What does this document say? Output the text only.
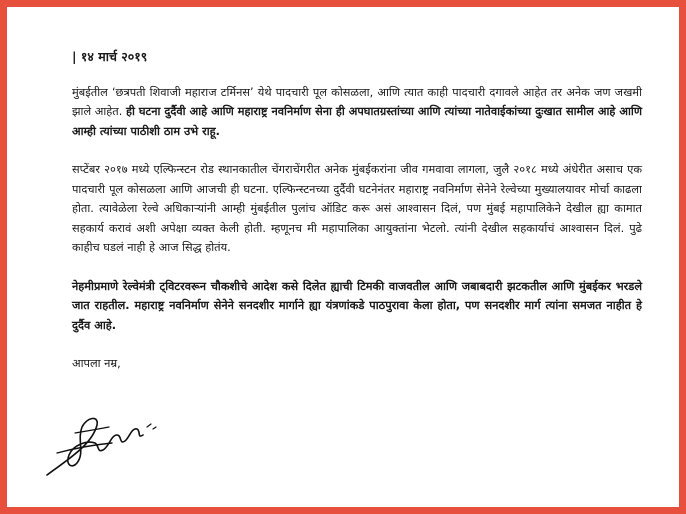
| १४ मार्च २०१९

मुंबईतील ‘छत्रपती शिवाजी महाराज टर्मिनस’ येथे पादचारी पूल कोसळला, आणि त्यात काही पादचारी दगावले आहेत तर अनेक जण जखमी झाले आहेत. ही घटना दुर्दैवी आहे आणि महाराष्ट्र नवनिर्माण सेना ही अपघातग्रस्तांच्या आणि त्यांच्या नातेवाईकांच्या दुःखात सामील आहे आणि आम्ही त्यांच्या पाठीशी ठाम उभे राहू.

सप्टेंबर २०१७ मध्ये एल्फिन्स्टन रोड स्थानकातील चेंगराचेंगरीत अनेक मुंबईकरांना जीव गमवावा लागला, जुलै २०१८ मध्ये अंधेरीत असाच एक पादचारी पूल कोसळला आणि आजची ही घटना. एल्फिन्स्टनच्या दुर्दैवी घटनेनंतर महाराष्ट्र नवनिर्माण सेनेने रेल्वेच्या मुख्यालयावर मोर्चा काढला होता. त्यावेळेला रेल्वे अधिकाऱ्यांनी आम्ही मुंबईतील पुलांच ऑडिट करू असं आश्वासन दिलं, पण मुंबई महापालिकेने देखील ह्या कामात सहकार्य करावं अशी अपेक्षा व्यक्त केली होती. म्हणूनच मी महापालिका आयुक्तांना भेटलो. त्यांनी देखील सहकार्याचं आश्वासन दिलं. पुढे काहीच घडलं नाही हे आज सिद्ध होतंय.

नेहमीप्रमाणे रेल्वेमंत्री ट्विटरवरून चौकशीचे आदेश कसे दिलेत ह्याची टिमकी वाजवतील आणि जबाबदारी झटकतील आणि मुंबईकर भरडले जात राहतील. महाराष्ट्र नवनिर्माण सेनेने सनदशीर मार्गाने ह्या यंत्रणांकडे पाठपुरावा केला होता, पण सनदशीर मार्ग त्यांना समजत नाहीत हे दुर्दैव आहे.

आपला नम्र,
